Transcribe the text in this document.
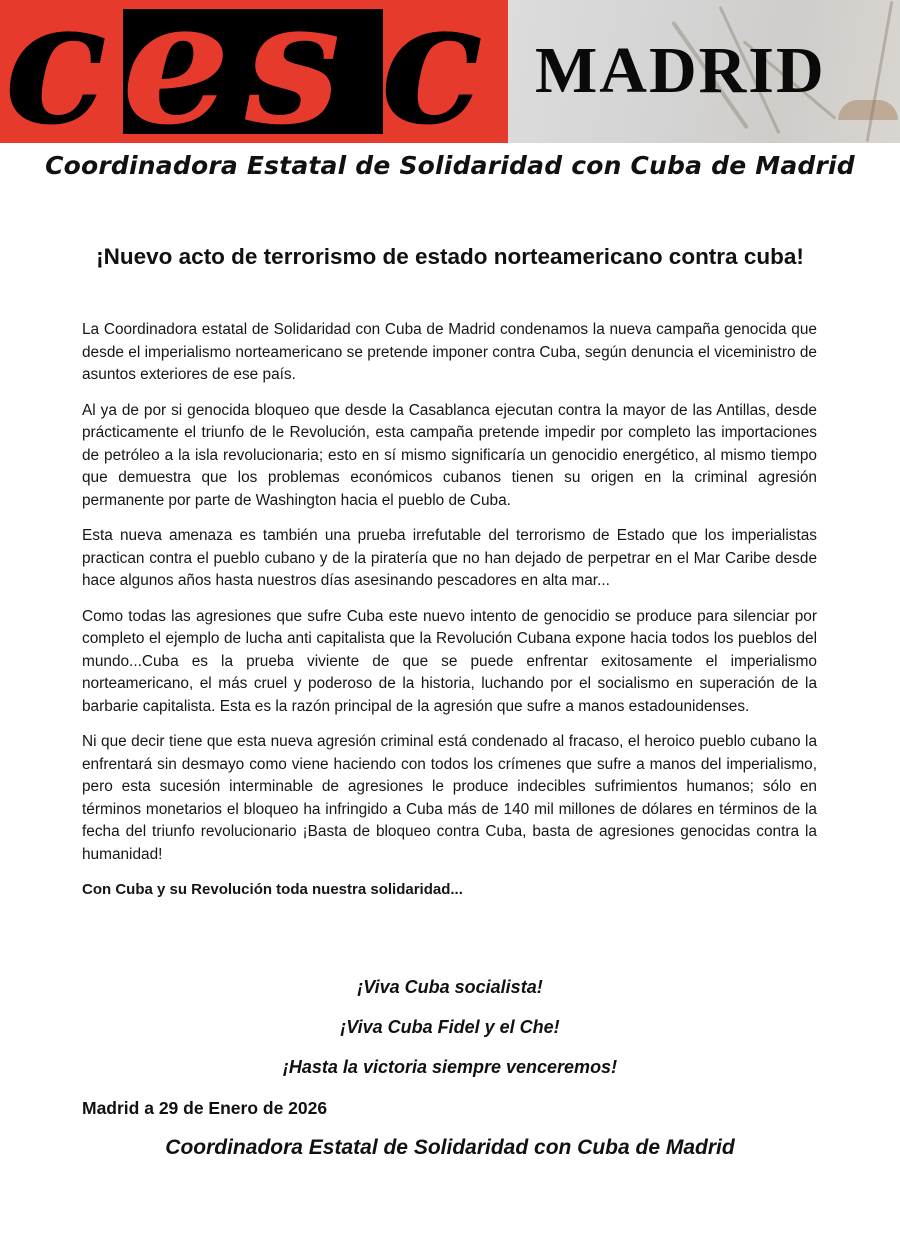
c e s c MADRID
Coordinadora Estatal de Solidaridad con Cuba de Madrid
¡Nuevo acto de terrorismo de estado norteamericano contra cuba!

La Coordinadora estatal de Solidaridad con Cuba de Madrid condenamos la nueva campaña genocida que desde el imperialismo norteamericano se pretende imponer contra Cuba, según denuncia el viceministro de asuntos exteriores de ese país.

Al ya de por si genocida bloqueo que desde la Casablanca ejecutan contra la mayor de las Antillas, desde prácticamente el triunfo de le Revolución, esta campaña pretende impedir por completo las importaciones de petróleo a la isla revolucionaria; esto en sí mismo significaría un genocidio energético, al mismo tiempo que demuestra que los problemas económicos cubanos tienen su origen en la criminal agresión permanente por parte de Washington hacia el pueblo de Cuba.

Esta nueva amenaza es también una prueba irrefutable del terrorismo de Estado que los imperialistas practican contra el pueblo cubano y de la piratería que no han dejado de perpetrar en el Mar Caribe desde hace algunos años hasta nuestros días asesinando pescadores en alta mar...

Como todas las agresiones que sufre Cuba este nuevo intento de genocidio se produce para silenciar por completo el ejemplo de lucha anti capitalista que la Revolución Cubana expone hacia todos los pueblos del mundo...Cuba es la prueba viviente de que se puede enfrentar exitosamente el imperialismo norteamericano, el más cruel y poderoso de la historia, luchando por el socialismo en superación de la barbarie capitalista. Esta es la razón principal de la agresión que sufre a manos estadounidenses.

Ni que decir tiene que esta nueva agresión criminal está condenado al fracaso, el heroico pueblo cubano la enfrentará sin desmayo como viene haciendo con todos los crímenes que sufre a manos del imperialismo, pero esta sucesión interminable de agresiones le produce indecibles sufrimientos humanos; sólo en términos monetarios el bloqueo ha infringido a Cuba más de 140 mil millones de dólares en términos de la fecha del triunfo revolucionario ¡Basta de bloqueo contra Cuba, basta de agresiones genocidas contra la humanidad!

Con Cuba y su Revolución toda nuestra solidaridad...

¡Viva Cuba socialista!
¡Viva Cuba Fidel y el Che!
¡Hasta la victoria siempre venceremos!
Madrid a 29 de Enero de 2026
Coordinadora Estatal de Solidaridad con Cuba de Madrid
